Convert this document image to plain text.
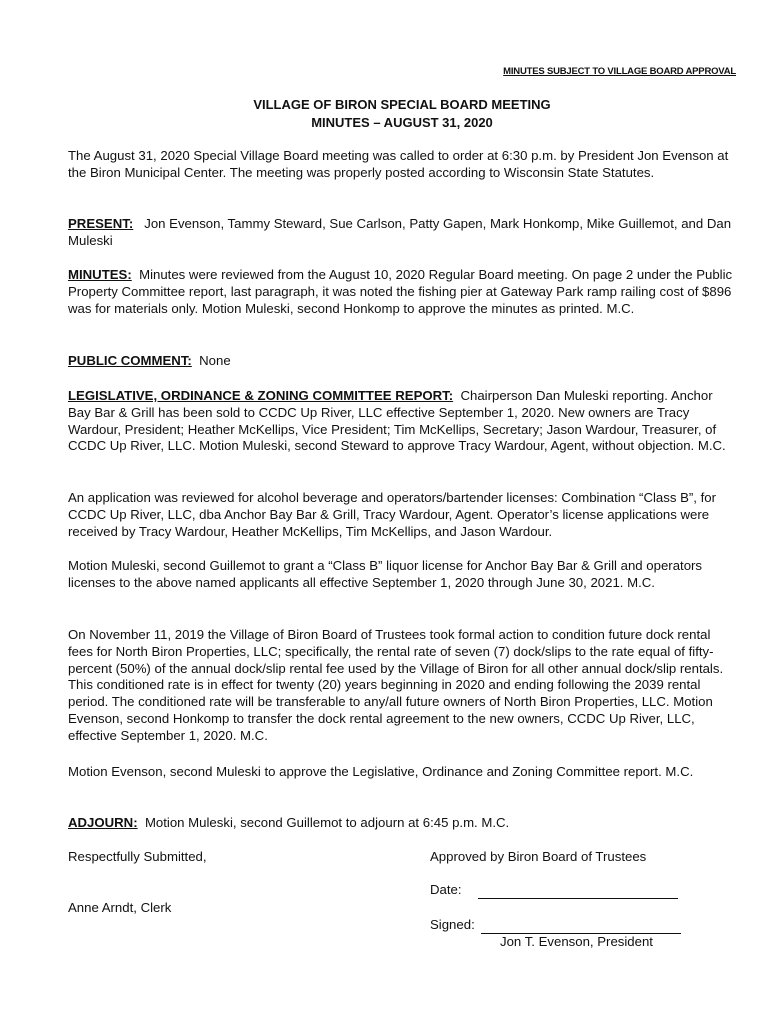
MINUTES SUBJECT TO VILLAGE BOARD APPROVAL
VILLAGE OF BIRON SPECIAL BOARD MEETING
MINUTES – AUGUST 31, 2020

The August 31, 2020 Special Village Board meeting was called to order at 6:30 p.m. by President Jon Evenson at the Biron Municipal Center. The meeting was properly posted according to Wisconsin State Statutes.

PRESENT: Jon Evenson, Tammy Steward, Sue Carlson, Patty Gapen, Mark Honkomp, Mike Guillemot, and Dan Muleski

MINUTES: Minutes were reviewed from the August 10, 2020 Regular Board meeting. On page 2 under the Public Property Committee report, last paragraph, it was noted the fishing pier at Gateway Park ramp railing cost of $896 was for materials only. Motion Muleski, second Honkomp to approve the minutes as printed. M.C.

PUBLIC COMMENT: None

LEGISLATIVE, ORDINANCE & ZONING COMMITTEE REPORT: Chairperson Dan Muleski reporting. Anchor Bay Bar & Grill has been sold to CCDC Up River, LLC effective September 1, 2020. New owners are Tracy Wardour, President; Heather McKellips, Vice President; Tim McKellips, Secretary; Jason Wardour, Treasurer, of CCDC Up River, LLC. Motion Muleski, second Steward to approve Tracy Wardour, Agent, without objection. M.C.

An application was reviewed for alcohol beverage and operators/bartender licenses: Combination “Class B”, for CCDC Up River, LLC, dba Anchor Bay Bar & Grill, Tracy Wardour, Agent. Operator’s license applications were received by Tracy Wardour, Heather McKellips, Tim McKellips, and Jason Wardour.

Motion Muleski, second Guillemot to grant a “Class B” liquor license for Anchor Bay Bar & Grill and operators licenses to the above named applicants all effective September 1, 2020 through June 30, 2021. M.C.

On November 11, 2019 the Village of Biron Board of Trustees took formal action to condition future dock rental fees for North Biron Properties, LLC; specifically, the rental rate of seven (7) dock/slips to the rate equal of fifty-percent (50%) of the annual dock/slip rental fee used by the Village of Biron for all other annual dock/slip rentals. This conditioned rate is in effect for twenty (20) years beginning in 2020 and ending following the 2039 rental period. The conditioned rate will be transferable to any/all future owners of North Biron Properties, LLC. Motion Evenson, second Honkomp to transfer the dock rental agreement to the new owners, CCDC Up River, LLC, effective September 1, 2020. M.C.

Motion Evenson, second Muleski to approve the Legislative, Ordinance and Zoning Committee report. M.C.

ADJOURN: Motion Muleski, second Guillemot to adjourn at 6:45 p.m. M.C.

Respectfully Submitted,
Anne Arndt, Clerk
Approved by Biron Board of Trustees
Date:
Signed:
Jon T. Evenson, President
